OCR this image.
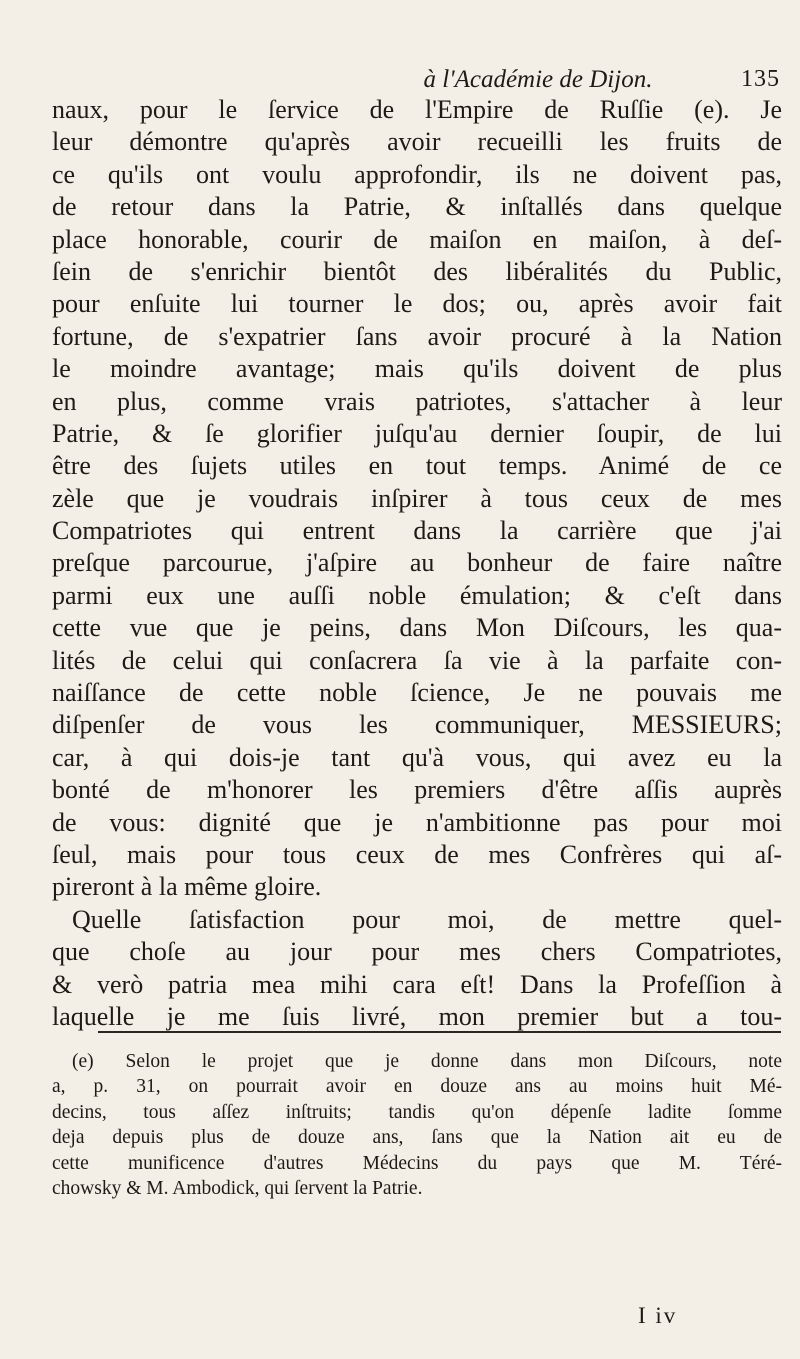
à l'Académie de Dijon.	135
naux, pour le ſervice de l'Empire de Ruſſie (e). Je
leur démontre qu'après avoir recueilli les fruits de
ce qu'ils ont voulu approfondir, ils ne doivent pas,
de retour dans la Patrie, & inſtallés dans quelque
place honorable, courir de maiſon en maiſon, à deſ-
ſein de s'enrichir bientôt des libéralités du Public,
pour enſuite lui tourner le dos; ou, après avoir fait
fortune, de s'expatrier ſans avoir procuré à la Nation
le moindre avantage; mais qu'ils doivent de plus
en plus, comme vrais patriotes, s'attacher à leur
Patrie, & ſe glorifier juſqu'au dernier ſoupir, de lui
être des ſujets utiles en tout temps. Animé de ce
zèle que je voudrais inſpirer à tous ceux de mes
Compatriotes qui entrent dans la carrière que j'ai
preſque parcourue, j'aſpire au bonheur de faire naître
parmi eux une auſſi noble émulation; & c'eſt dans
cette vue que je peins, dans Mon Diſcours, les qua-
lités de celui qui conſacrera ſa vie à la parfaite con-
naiſſance de cette noble ſcience, Je ne pouvais me
diſpenſer de vous les communiquer, MESSIEURS;
car, à qui dois-je tant qu'à vous, qui avez eu la
bonté de m'honorer les premiers d'être aſſis auprès
de vous: dignité que je n'ambitionne pas pour moi
ſeul, mais pour tous ceux de mes Confrères qui aſ-
pireront à la même gloire.
Quelle ſatisfaction pour moi, de mettre quel-
que choſe au jour pour mes chers Compatriotes,
& verò patria mea mihi cara eſt! Dans la Profeſſion à
laquelle je me ſuis livré, mon premier but a tou-
(e) Selon le projet que je donne dans mon Diſcours, note
a, p. 31, on pourrait avoir en douze ans au moins huit Mé-
decins, tous aſſez inſtruits; tandis qu'on dépenſe ladite ſomme
deja depuis plus de douze ans, ſans que la Nation ait eu de
cette munificence d'autres Médecins du pays que M. Téré-
chowsky & M. Ambodick, qui ſervent la Patrie.
I iv
